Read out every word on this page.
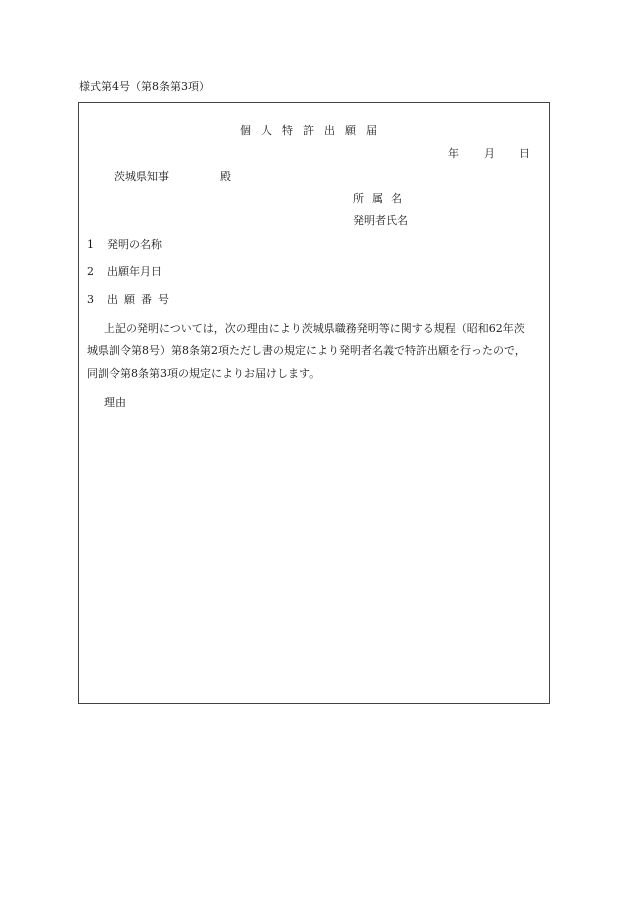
様式第4号（第8条第3項）
個人特許出願届
年 月 日
茨城県知事	殿
所属名
発明者氏名
1 発明の名称
2 出願年月日
3 出願番号
上記の発明については，次の理由により茨城県職務発明等に関する規程（昭和62年茨
城県訓令第8号）第8条第2項ただし書の規定により発明者名義で特許出願を行ったので，
同訓令第8条第3項の規定によりお届けします。
理由
